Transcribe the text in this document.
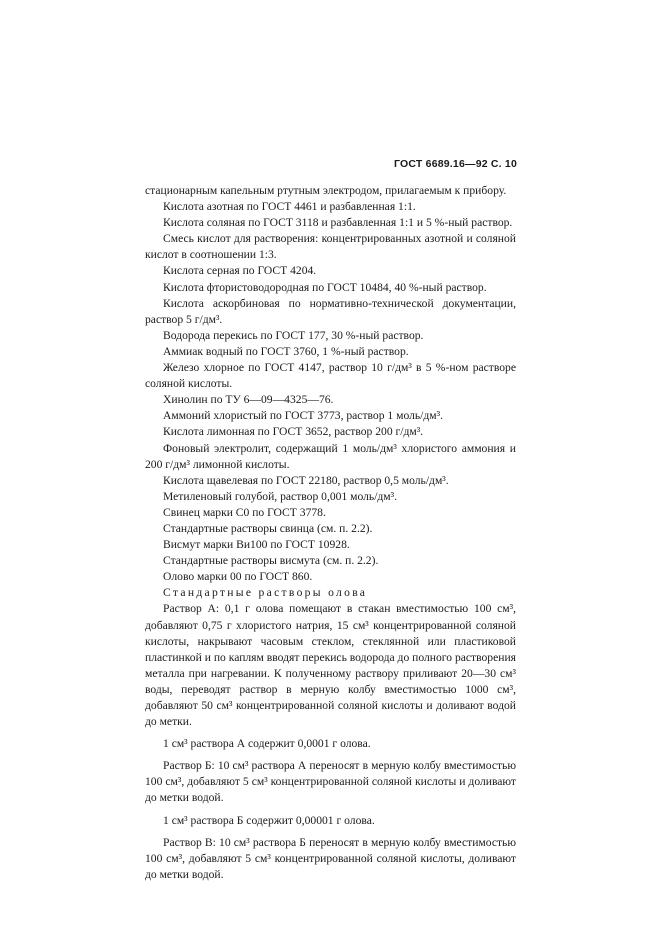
ГОСТ 6689.16—92 С. 10

стационарным капельным ртутным электродом, прилагаемым к прибору.

Кислота азотная по ГОСТ 4461 и разбавленная 1:1.

Кислота соляная по ГОСТ 3118 и разбавленная 1:1 и 5 %-ный раствор.

Смесь кислот для растворения: концентрированных азотной и соляной кислот в соотношении 1:3.

Кислота серная по ГОСТ 4204.

Кислота фтористоводородная по ГОСТ 10484, 40 %-ный раствор.

Кислота аскорбиновая по нормативно-технической документации, раствор 5 г/дм³.

Водорода перекись по ГОСТ 177, 30 %-ный раствор.

Аммиак водный по ГОСТ 3760, 1 %-ный раствор.

Железо хлорное по ГОСТ 4147, раствор 10 г/дм³ в 5 %-ном растворе соляной кислоты.

Хинолин по ТУ 6—09—4325—76.

Аммоний хлористый по ГОСТ 3773, раствор 1 моль/дм³.

Кислота лимонная по ГОСТ 3652, раствор 200 г/дм³.

Фоновый электролит, содержащий 1 моль/дм³ хлористого аммония и 200 г/дм³ лимонной кислоты.

Кислота щавелевая по ГОСТ 22180, раствор 0,5 моль/дм³.

Метиленовый голубой, раствор 0,001 моль/дм³.

Свинец марки С0 по ГОСТ 3778.

Стандартные растворы свинца (см. п. 2.2).

Висмут марки Ви100 по ГОСТ 10928.

Стандартные растворы висмута (см. п. 2.2).

Олово марки 00 по ГОСТ 860.

Стандартные растворы олова

Раствор А: 0,1 г олова помещают в стакан вместимостью 100 см³, добавляют 0,75 г хлористого натрия, 15 см³ концентрированной соляной кислоты, накрывают часовым стеклом, стеклянной или пластиковой пластинкой и по каплям вводят перекись водорода до полного растворения металла при нагревании. К полученному раствору приливают 20—30 см³ воды, переводят раствор в мерную колбу вместимостью 1000 см³, добавляют 50 см³ концентрированной соляной кислоты и доливают водой до метки.

1 см³ раствора А содержит 0,0001 г олова.

Раствор Б: 10 см³ раствора А переносят в мерную колбу вместимостью 100 см³, добавляют 5 см³ концентрированной соляной кислоты и доливают до метки водой.

1 см³ раствора Б содержит 0,00001 г олова.

Раствор В: 10 см³ раствора Б переносят в мерную колбу вместимостью 100 см³, добавляют 5 см³ концентрированной соляной кислоты, доливают до метки водой.
